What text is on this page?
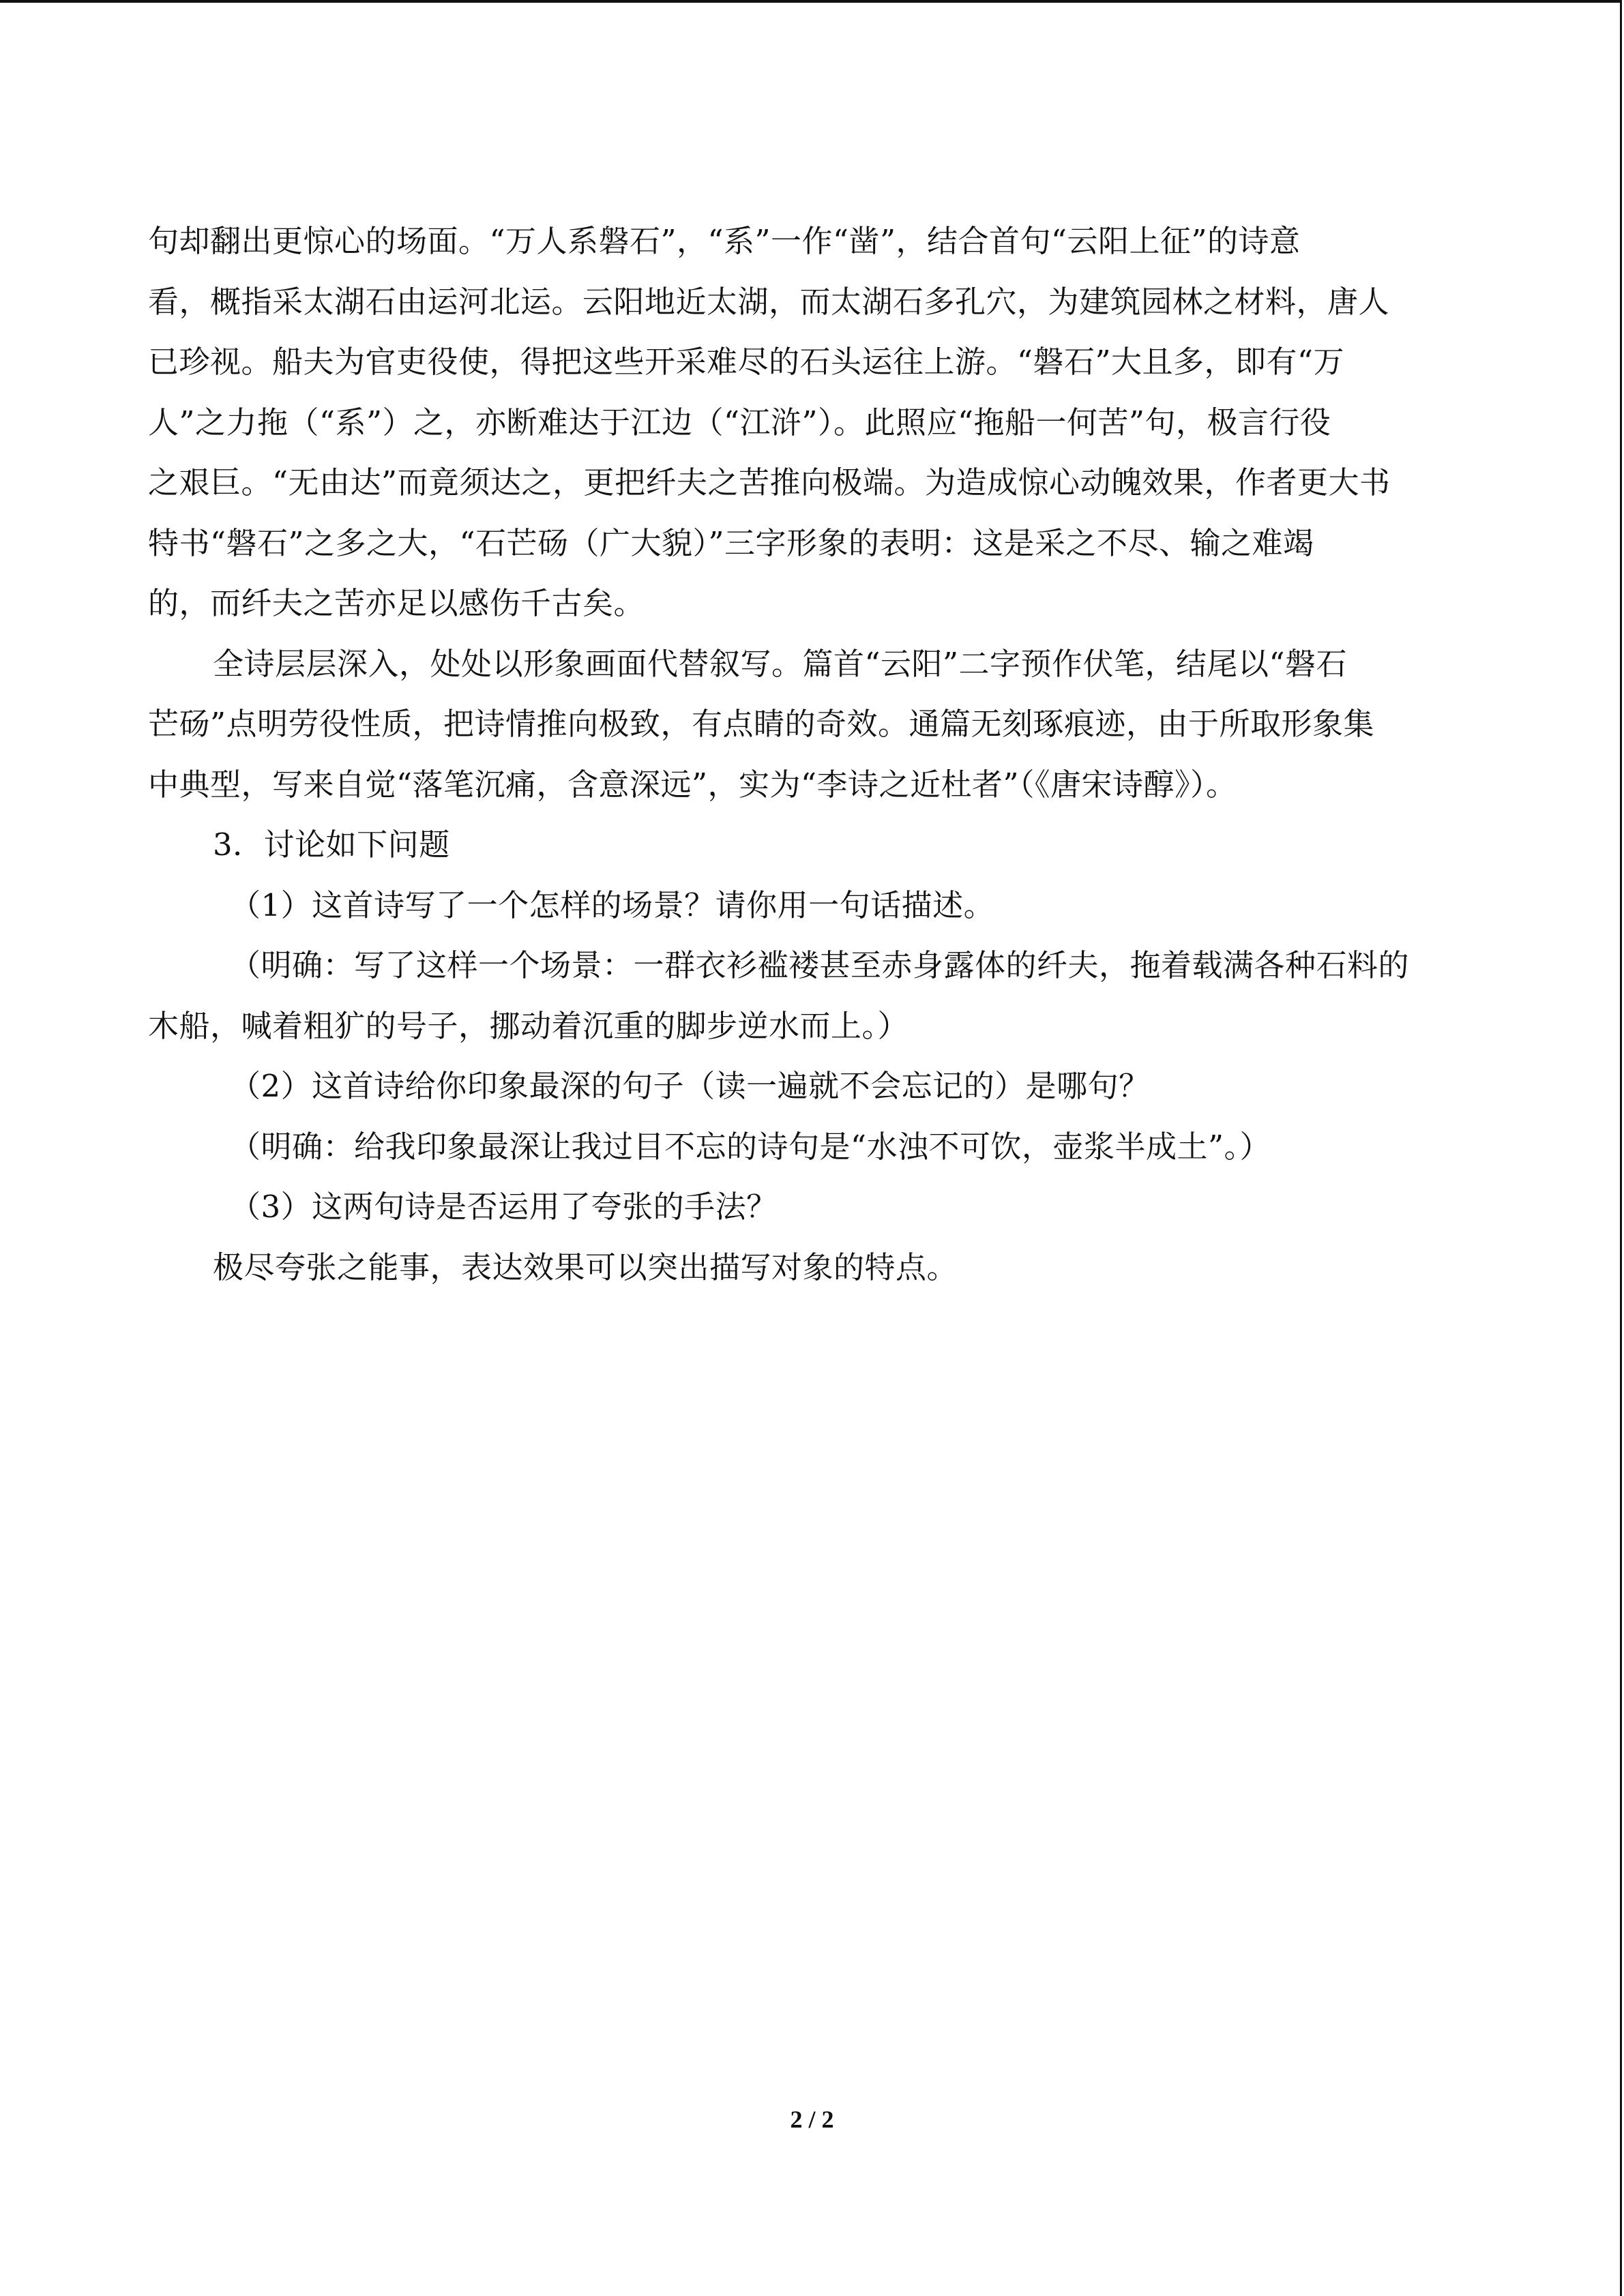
句却翻出更惊心的场面。“万人系磐石”，“系”一作“凿”，结合首句“云阳上征”的诗意
看，概指采太湖石由运河北运。云阳地近太湖，而太湖石多孔穴，为建筑园林之材料，唐人
已珍视。船夫为官吏役使，得把这些开采难尽的石头运往上游。“磐石”大且多，即有“万
人”之力拖（“系”）之，亦断难达于江边（“江浒”）。此照应“拖船一何苦”句，极言行役
之艰巨。“无由达”而竟须达之，更把纤夫之苦推向极端。为造成惊心动魄效果，作者更大书
特书“磐石”之多之大，“石芒砀（广大貌）”三字形象的表明：这是采之不尽、输之难竭
的，而纤夫之苦亦足以感伤千古矣。
全诗层层深入，处处以形象画面代替叙写。篇首“云阳”二字预作伏笔，结尾以“磐石
芒砀”点明劳役性质，把诗情推向极致，有点睛的奇效。通篇无刻琢痕迹，由于所取形象集
中典型，写来自觉“落笔沉痛，含意深远”，实为“李诗之近杜者”（《唐宋诗醇》）。
3．讨论如下问题
（1）这首诗写了一个怎样的场景？请你用一句话描述。
（明确：写了这样一个场景：一群衣衫褴褛甚至赤身露体的纤夫，拖着载满各种石料的
木船，喊着粗犷的号子，挪动着沉重的脚步逆水而上。）
（2）这首诗给你印象最深的句子（读一遍就不会忘记的）是哪句？
（明确：给我印象最深让我过目不忘的诗句是“水浊不可饮，壶浆半成土”。）
（3）这两句诗是否运用了夸张的手法？
极尽夸张之能事，表达效果可以突出描写对象的特点。
2 / 2
